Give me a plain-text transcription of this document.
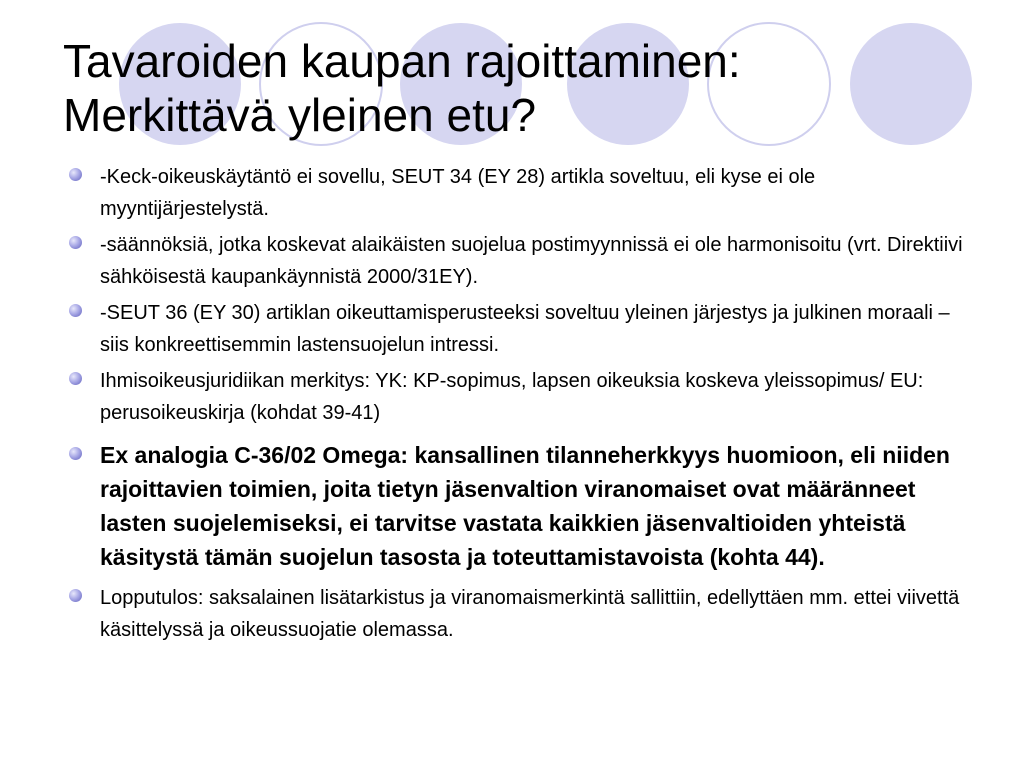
Tavaroiden kaupan rajoittaminen:
Merkittävä yleinen etu?
-Keck-oikeuskäytäntö ei sovellu, SEUT 34 (EY 28) artikla soveltuu, eli kyse ei ole myyntijärjestelystä.
-säännöksiä, jotka koskevat alaikäisten suojelua postimyynnissä ei ole harmonisoitu (vrt. Direktiivi sähköisestä kaupankäynnistä 2000/31EY).
-SEUT 36 (EY 30) artiklan oikeuttamisperusteeksi soveltuu yleinen järjestys ja julkinen moraali – siis konkreettisemmin lastensuojelun intressi.
Ihmisoikeusjuridiikan merkitys: YK: KP-sopimus, lapsen oikeuksia koskeva yleissopimus/ EU: perusoikeuskirja (kohdat 39-41)
Ex analogia C-36/02 Omega: kansallinen tilanneherkkyys huomioon, eli niiden rajoittavien toimien, joita tietyn jäsenvaltion viranomaiset ovat määränneet lasten suojelemiseksi, ei tarvitse vastata kaikkien jäsenvaltioiden yhteistä käsitystä tämän suojelun tasosta ja toteuttamistavoista (kohta 44).
Lopputulos: saksalainen lisätarkistus ja viranomaismerkintä sallittiin, edellyttäen mm. ettei viivettä käsittelyssä ja oikeussuojatie olemassa.
